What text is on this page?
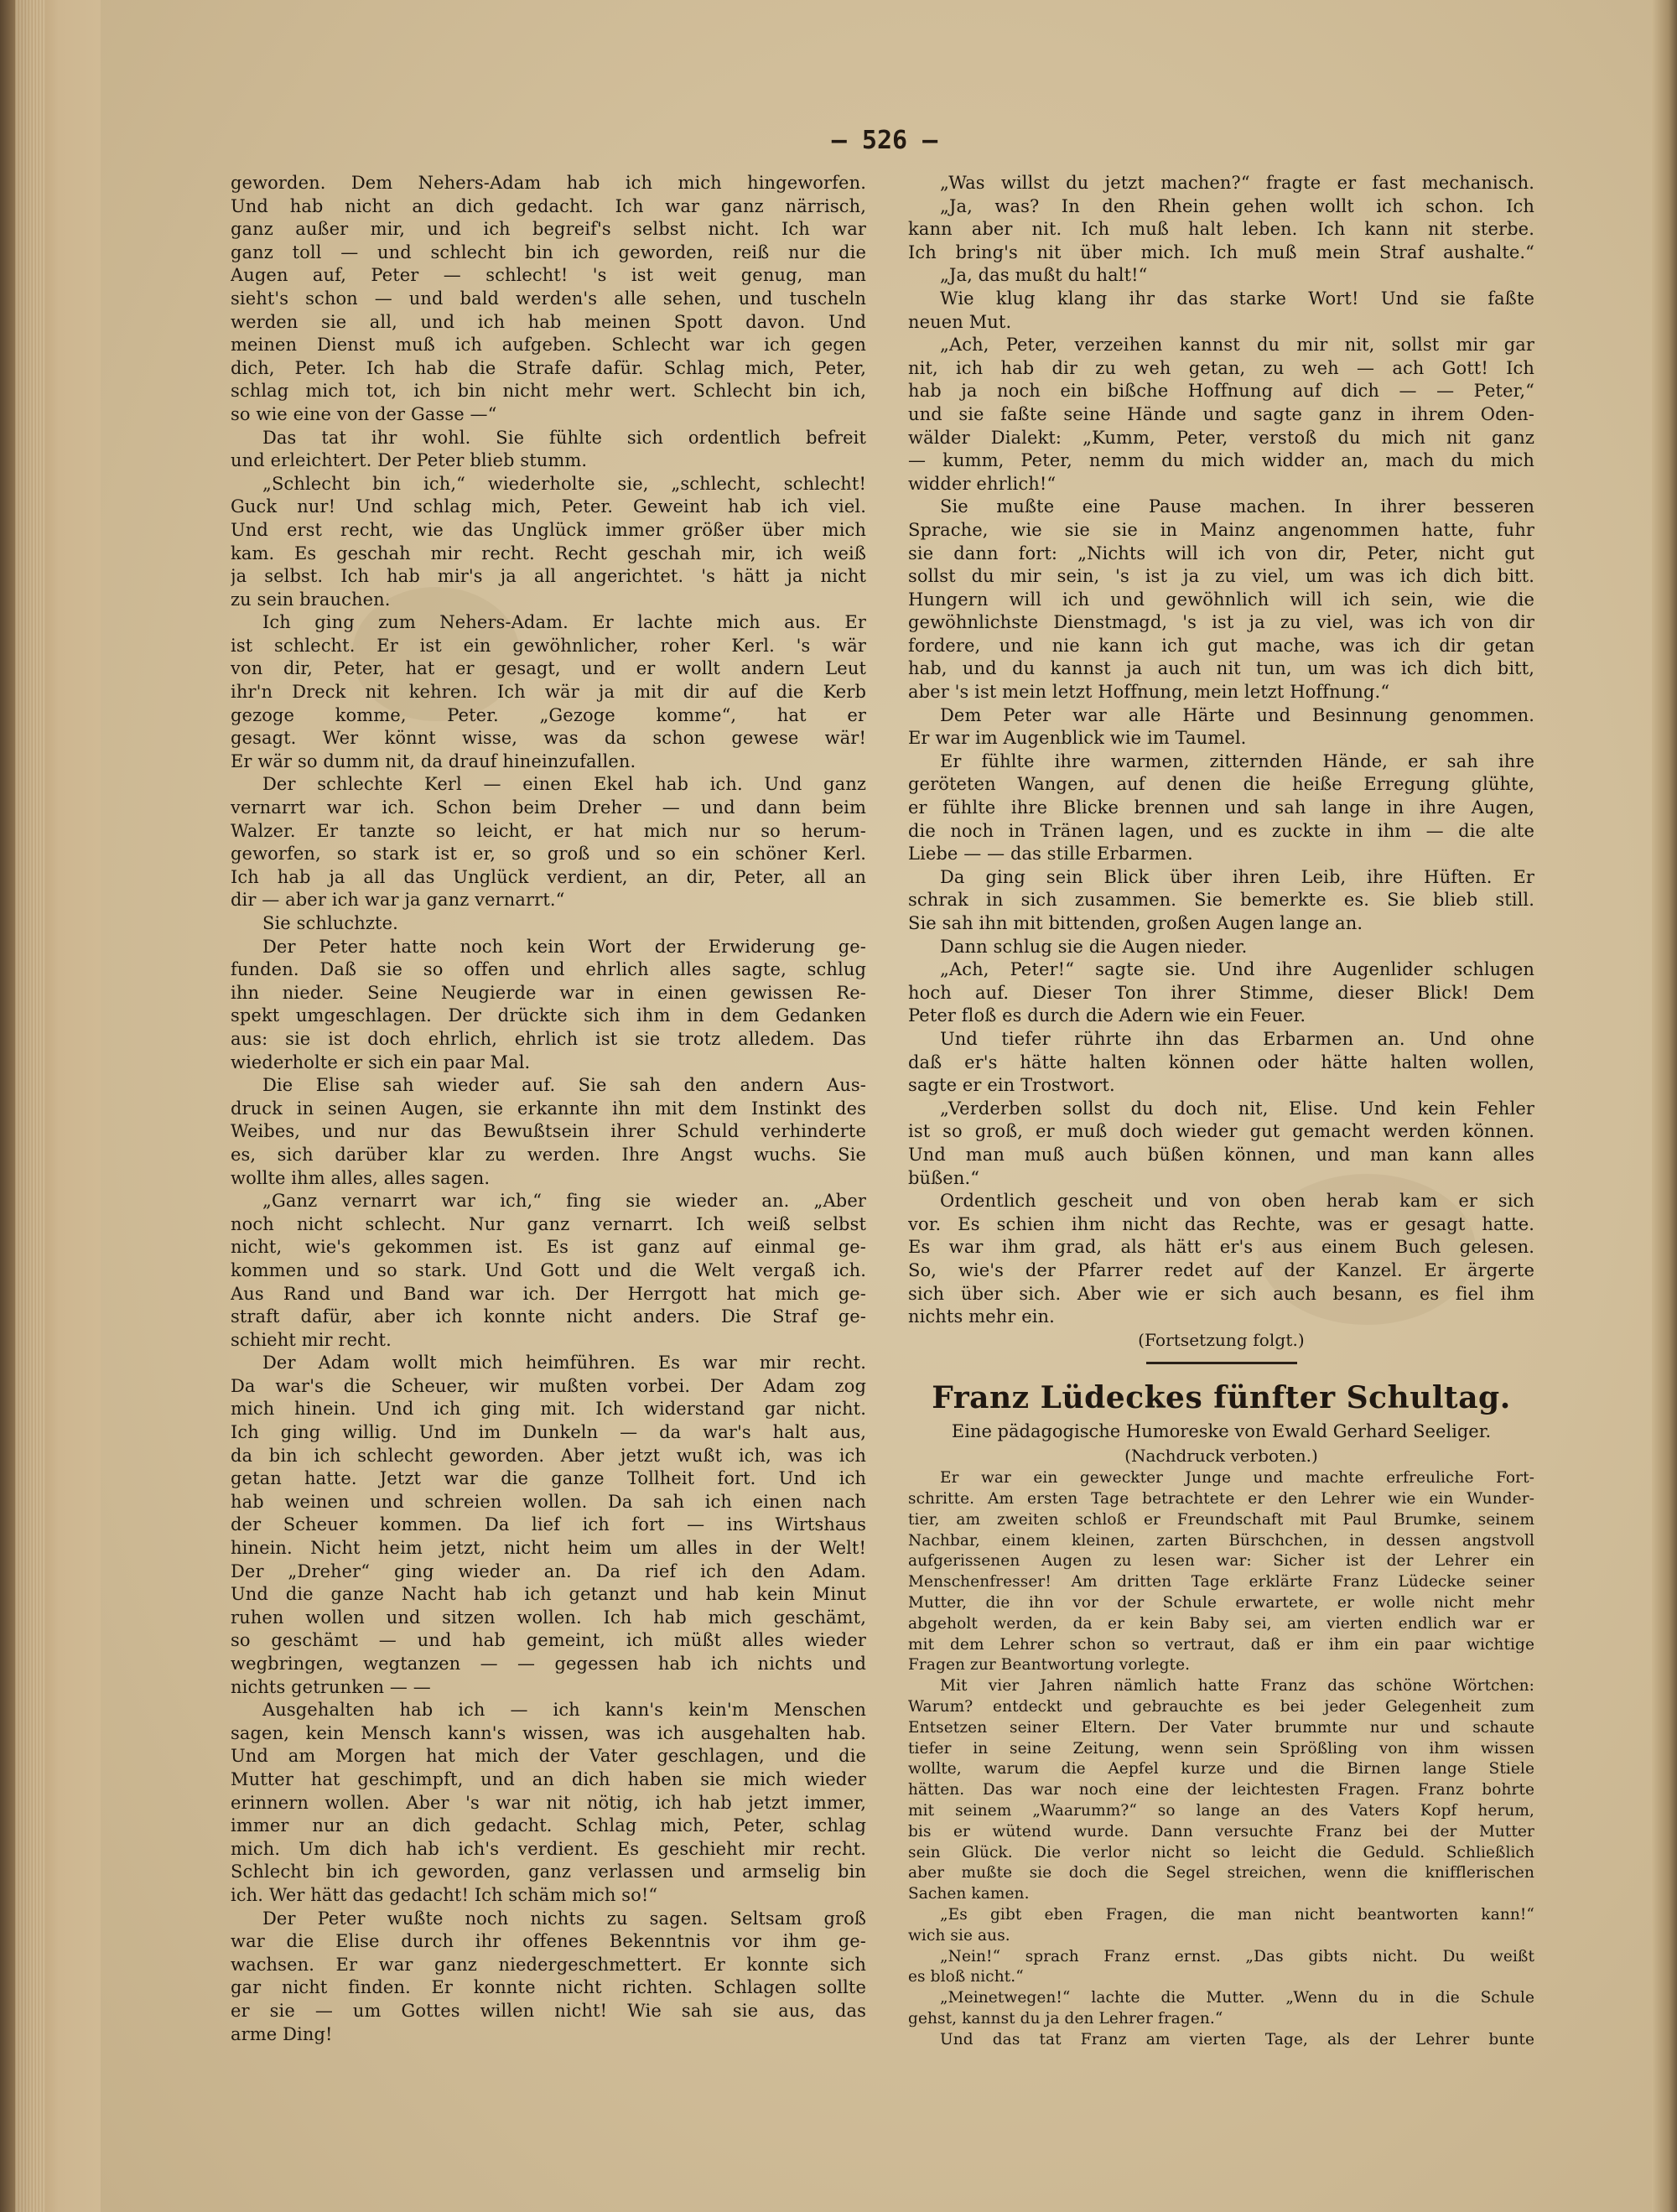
— 526 —
geworden. Dem Nehers-Adam hab ich mich hingeworfen.
Und hab nicht an dich gedacht. Ich war ganz närrisch,
ganz außer mir, und ich begreif's selbst nicht. Ich war
ganz toll — und schlecht bin ich geworden, reiß nur die
Augen auf, Peter — schlecht! 's ist weit genug, man
sieht's schon — und bald werden's alle sehen, und tuscheln
werden sie all, und ich hab meinen Spott davon. Und
meinen Dienst muß ich aufgeben. Schlecht war ich gegen
dich, Peter. Ich hab die Strafe dafür. Schlag mich, Peter,
schlag mich tot, ich bin nicht mehr wert. Schlecht bin ich,
so wie eine von der Gasse —“
Das tat ihr wohl. Sie fühlte sich ordentlich befreit
und erleichtert. Der Peter blieb stumm.
„Schlecht bin ich,“ wiederholte sie, „schlecht, schlecht!
Guck nur! Und schlag mich, Peter. Geweint hab ich viel.
Und erst recht, wie das Unglück immer größer über mich
kam. Es geschah mir recht. Recht geschah mir, ich weiß
ja selbst. Ich hab mir's ja all angerichtet. 's hätt ja nicht
zu sein brauchen.
Ich ging zum Nehers-Adam. Er lachte mich aus. Er
ist schlecht. Er ist ein gewöhnlicher, roher Kerl. 's wär
von dir, Peter, hat er gesagt, und er wollt andern Leut
ihr'n Dreck nit kehren. Ich wär ja mit dir auf die Kerb
gezoge komme, Peter. „Gezoge komme“, hat er
gesagt. Wer könnt wisse, was da schon gewese wär!
Er wär so dumm nit, da drauf hineinzufallen.
Der schlechte Kerl — einen Ekel hab ich. Und ganz
vernarrt war ich. Schon beim Dreher — und dann beim
Walzer. Er tanzte so leicht, er hat mich nur so herum-
geworfen, so stark ist er, so groß und so ein schöner Kerl.
Ich hab ja all das Unglück verdient, an dir, Peter, all an
dir — aber ich war ja ganz vernarrt.“
Sie schluchzte.
Der Peter hatte noch kein Wort der Erwiderung ge-
funden. Daß sie so offen und ehrlich alles sagte, schlug
ihn nieder. Seine Neugierde war in einen gewissen Re-
spekt umgeschlagen. Der drückte sich ihm in dem Gedanken
aus: sie ist doch ehrlich, ehrlich ist sie trotz alledem. Das
wiederholte er sich ein paar Mal.
Die Elise sah wieder auf. Sie sah den andern Aus-
druck in seinen Augen, sie erkannte ihn mit dem Instinkt des
Weibes, und nur das Bewußtsein ihrer Schuld verhinderte
es, sich darüber klar zu werden. Ihre Angst wuchs. Sie
wollte ihm alles, alles sagen.
„Ganz vernarrt war ich,“ fing sie wieder an. „Aber
noch nicht schlecht. Nur ganz vernarrt. Ich weiß selbst
nicht, wie's gekommen ist. Es ist ganz auf einmal ge-
kommen und so stark. Und Gott und die Welt vergaß ich.
Aus Rand und Band war ich. Der Herrgott hat mich ge-
straft dafür, aber ich konnte nicht anders. Die Straf ge-
schieht mir recht.
Der Adam wollt mich heimführen. Es war mir recht.
Da war's die Scheuer, wir mußten vorbei. Der Adam zog
mich hinein. Und ich ging mit. Ich widerstand gar nicht.
Ich ging willig. Und im Dunkeln — da war's halt aus,
da bin ich schlecht geworden. Aber jetzt wußt ich, was ich
getan hatte. Jetzt war die ganze Tollheit fort. Und ich
hab weinen und schreien wollen. Da sah ich einen nach
der Scheuer kommen. Da lief ich fort — ins Wirtshaus
hinein. Nicht heim jetzt, nicht heim um alles in der Welt!
Der „Dreher“ ging wieder an. Da rief ich den Adam.
Und die ganze Nacht hab ich getanzt und hab kein Minut
ruhen wollen und sitzen wollen. Ich hab mich geschämt,
so geschämt — und hab gemeint, ich müßt alles wieder
wegbringen, wegtanzen — — gegessen hab ich nichts und
nichts getrunken — —
Ausgehalten hab ich — ich kann's kein'm Menschen
sagen, kein Mensch kann's wissen, was ich ausgehalten hab.
Und am Morgen hat mich der Vater geschlagen, und die
Mutter hat geschimpft, und an dich haben sie mich wieder
erinnern wollen. Aber 's war nit nötig, ich hab jetzt immer,
immer nur an dich gedacht. Schlag mich, Peter, schlag
mich. Um dich hab ich's verdient. Es geschieht mir recht.
Schlecht bin ich geworden, ganz verlassen und armselig bin
ich. Wer hätt das gedacht! Ich schäm mich so!“
Der Peter wußte noch nichts zu sagen. Seltsam groß
war die Elise durch ihr offenes Bekenntnis vor ihm ge-
wachsen. Er war ganz niedergeschmettert. Er konnte sich
gar nicht finden. Er konnte nicht richten. Schlagen sollte
er sie — um Gottes willen nicht! Wie sah sie aus, das
arme Ding!
„Was willst du jetzt machen?“ fragte er fast mechanisch.
„Ja, was? In den Rhein gehen wollt ich schon. Ich
kann aber nit. Ich muß halt leben. Ich kann nit sterbe.
Ich bring's nit über mich. Ich muß mein Straf aushalte.“
„Ja, das mußt du halt!“
Wie klug klang ihr das starke Wort! Und sie faßte
neuen Mut.
„Ach, Peter, verzeihen kannst du mir nit, sollst mir gar
nit, ich hab dir zu weh getan, zu weh — ach Gott! Ich
hab ja noch ein bißche Hoffnung auf dich — — Peter,“
und sie faßte seine Hände und sagte ganz in ihrem Oden-
wälder Dialekt: „Kumm, Peter, verstoß du mich nit ganz
— kumm, Peter, nemm du mich widder an, mach du mich
widder ehrlich!“
Sie mußte eine Pause machen. In ihrer besseren
Sprache, wie sie sie in Mainz angenommen hatte, fuhr
sie dann fort: „Nichts will ich von dir, Peter, nicht gut
sollst du mir sein, 's ist ja zu viel, um was ich dich bitt.
Hungern will ich und gewöhnlich will ich sein, wie die
gewöhnlichste Dienstmagd, 's ist ja zu viel, was ich von dir
fordere, und nie kann ich gut mache, was ich dir getan
hab, und du kannst ja auch nit tun, um was ich dich bitt,
aber 's ist mein letzt Hoffnung, mein letzt Hoffnung.“
Dem Peter war alle Härte und Besinnung genommen.
Er war im Augenblick wie im Taumel.
Er fühlte ihre warmen, zitternden Hände, er sah ihre
geröteten Wangen, auf denen die heiße Erregung glühte,
er fühlte ihre Blicke brennen und sah lange in ihre Augen,
die noch in Tränen lagen, und es zuckte in ihm — die alte
Liebe — — das stille Erbarmen.
Da ging sein Blick über ihren Leib, ihre Hüften. Er
schrak in sich zusammen. Sie bemerkte es. Sie blieb still.
Sie sah ihn mit bittenden, großen Augen lange an.
Dann schlug sie die Augen nieder.
„Ach, Peter!“ sagte sie. Und ihre Augenlider schlugen
hoch auf. Dieser Ton ihrer Stimme, dieser Blick! Dem
Peter floß es durch die Adern wie ein Feuer.
Und tiefer rührte ihn das Erbarmen an. Und ohne
daß er's hätte halten können oder hätte halten wollen,
sagte er ein Trostwort.
„Verderben sollst du doch nit, Elise. Und kein Fehler
ist so groß, er muß doch wieder gut gemacht werden können.
Und man muß auch büßen können, und man kann alles
büßen.“
Ordentlich gescheit und von oben herab kam er sich
vor. Es schien ihm nicht das Rechte, was er gesagt hatte.
Es war ihm grad, als hätt er's aus einem Buch gelesen.
So, wie's der Pfarrer redet auf der Kanzel. Er ärgerte
sich über sich. Aber wie er sich auch besann, es fiel ihm
nichts mehr ein.
(Fortsetzung folgt.)
Franz Lüdeckes fünfter Schultag.
Eine pädagogische Humoreske von Ewald Gerhard Seeliger.
(Nachdruck verboten.)
Er war ein geweckter Junge und machte erfreuliche Fort-
schritte. Am ersten Tage betrachtete er den Lehrer wie ein Wunder-
tier, am zweiten schloß er Freundschaft mit Paul Brumke, seinem
Nachbar, einem kleinen, zarten Bürschchen, in dessen angstvoll
aufgerissenen Augen zu lesen war: Sicher ist der Lehrer ein
Menschenfresser! Am dritten Tage erklärte Franz Lüdecke seiner
Mutter, die ihn vor der Schule erwartete, er wolle nicht mehr
abgeholt werden, da er kein Baby sei, am vierten endlich war er
mit dem Lehrer schon so vertraut, daß er ihm ein paar wichtige
Fragen zur Beantwortung vorlegte.
Mit vier Jahren nämlich hatte Franz das schöne Wörtchen:
Warum? entdeckt und gebrauchte es bei jeder Gelegenheit zum
Entsetzen seiner Eltern. Der Vater brummte nur und schaute
tiefer in seine Zeitung, wenn sein Sprößling von ihm wissen
wollte, warum die Aepfel kurze und die Birnen lange Stiele
hätten. Das war noch eine der leichtesten Fragen. Franz bohrte
mit seinem „Waarumm?“ so lange an des Vaters Kopf herum,
bis er wütend wurde. Dann versuchte Franz bei der Mutter
sein Glück. Die verlor nicht so leicht die Geduld. Schließlich
aber mußte sie doch die Segel streichen, wenn die knifflerischen
Sachen kamen.
„Es gibt eben Fragen, die man nicht beantworten kann!“
wich sie aus.
„Nein!“ sprach Franz ernst. „Das gibts nicht. Du weißt
es bloß nicht.“
„Meinetwegen!“ lachte die Mutter. „Wenn du in die Schule
gehst, kannst du ja den Lehrer fragen.“
Und das tat Franz am vierten Tage, als der Lehrer bunte
